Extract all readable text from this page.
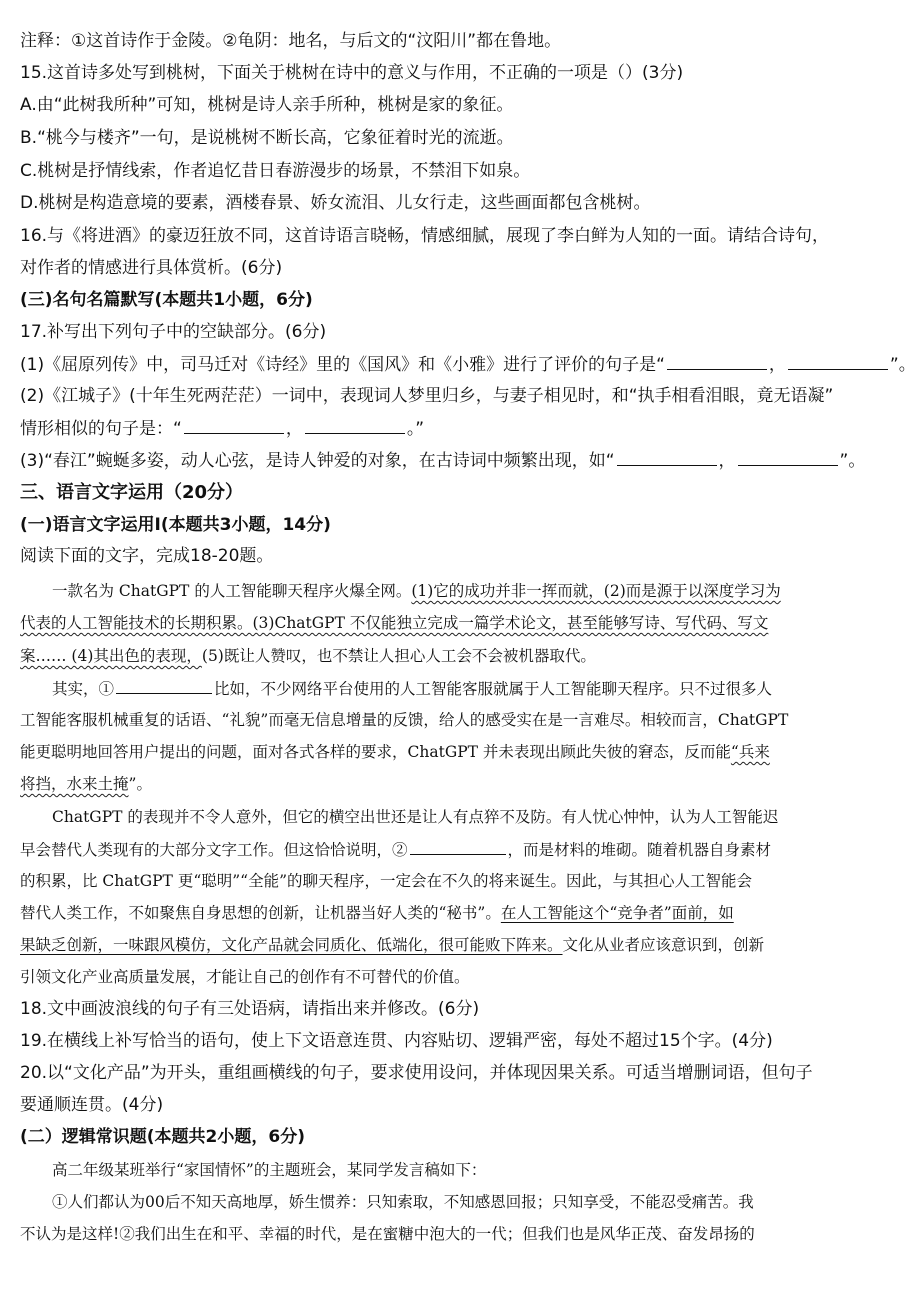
注释：①这首诗作于金陵。②龟阴：地名，与后文的“汶阳川”都在鲁地。
15.这首诗多处写到桃树，下面关于桃树在诗中的意义与作用，不正确的一项是（）(3分)
A.由“此树我所种”可知，桃树是诗人亲手所种，桃树是家的象征。
B.“桃今与楼齐”一句，是说桃树不断长高，它象征着时光的流逝。
C.桃树是抒情线索，作者追忆昔日春游漫步的场景，不禁泪下如泉。
D.桃树是构造意境的要素，酒楼春景、娇女流泪、儿女行走，这些画面都包含桃树。
16.与《将进酒》的豪迈狂放不同，这首诗语言晓畅，情感细腻，展现了李白鲜为人知的一面。请结合诗句，
对作者的情感进行具体赏析。(6分)
(三)名句名篇默写(本题共1小题，6分)
17.补写出下列句子中的空缺部分。(6分)
(1)《屈原列传》中，司马迁对《诗经》里的《国风》和《小雅》进行了评价的句子是“	，	”。
(2)《江城子》(十年生死两茫茫）一词中，表现词人梦里归乡，与妻子相见时，和“执手相看泪眼，竟无语凝”
情形相似的句子是：“	，	。”
(3)“春江”蜿蜒多姿，动人心弦，是诗人钟爱的对象，在古诗词中频繁出现，如“	，	”。
三、语言文字运用（20分）
(一)语言文字运用Ⅰ(本题共3小题，14分)
阅读下面的文字，完成18-20题。
一款名为 ChatGPT 的人工智能聊天程序火爆全网。(1)它的成功并非一挥而就，(2)而是源于以深度学习为
代表的人工智能技术的长期积累。(3)ChatGPT 不仅能独立完成一篇学术论文，甚至能够写诗、写代码、写文
案…… (4)其出色的表现，(5)既让人赞叹，也不禁让人担心人工会不会被机器取代。
其实，①	比如，不少网络平台使用的人工智能客服就属于人工智能聊天程序。只不过很多人
工智能客服机械重复的话语、“礼貌”而毫无信息增量的反馈，给人的感受实在是一言难尽。相较而言，ChatGPT
能更聪明地回答用户提出的问题，面对各式各样的要求，ChatGPT 并未表现出顾此失彼的窘态，反而能“兵来
将挡，水来土掩”。
ChatGPT 的表现并不令人意外，但它的横空出世还是让人有点猝不及防。有人忧心忡忡，认为人工智能迟
早会替代人类现有的大部分文字工作。但这恰恰说明，②	，而是材料的堆砌。随着机器自身素材
的积累，比 ChatGPT 更“聪明”“全能”的聊天程序，一定会在不久的将来诞生。因此，与其担心人工智能会
替代人类工作，不如聚焦自身思想的创新，让机器当好人类的“秘书”。在人工智能这个“竞争者”面前，如
果缺乏创新，一味跟风模仿，文化产品就会同质化、低端化，很可能败下阵来。文化从业者应该意识到，创新
引领文化产业高质量发展，才能让自己的创作有不可替代的价值。
18.文中画波浪线的句子有三处语病，请指出来并修改。(6分)
19.在横线上补写恰当的语句，使上下文语意连贯、内容贴切、逻辑严密，每处不超过15个字。(4分)
20.以“文化产品”为开头，重组画横线的句子，要求使用设问，并体现因果关系。可适当增删词语，但句子
要通顺连贯。(4分)
(二）逻辑常识题(本题共2小题，6分)
高二年级某班举行“家国情怀”的主题班会，某同学发言稿如下：
①人们都认为00后不知天高地厚，娇生惯养：只知索取，不知感恩回报；只知享受，不能忍受痛苦。我
不认为是这样!②我们出生在和平、幸福的时代，是在蜜糖中泡大的一代；但我们也是风华正茂、奋发昂扬的
